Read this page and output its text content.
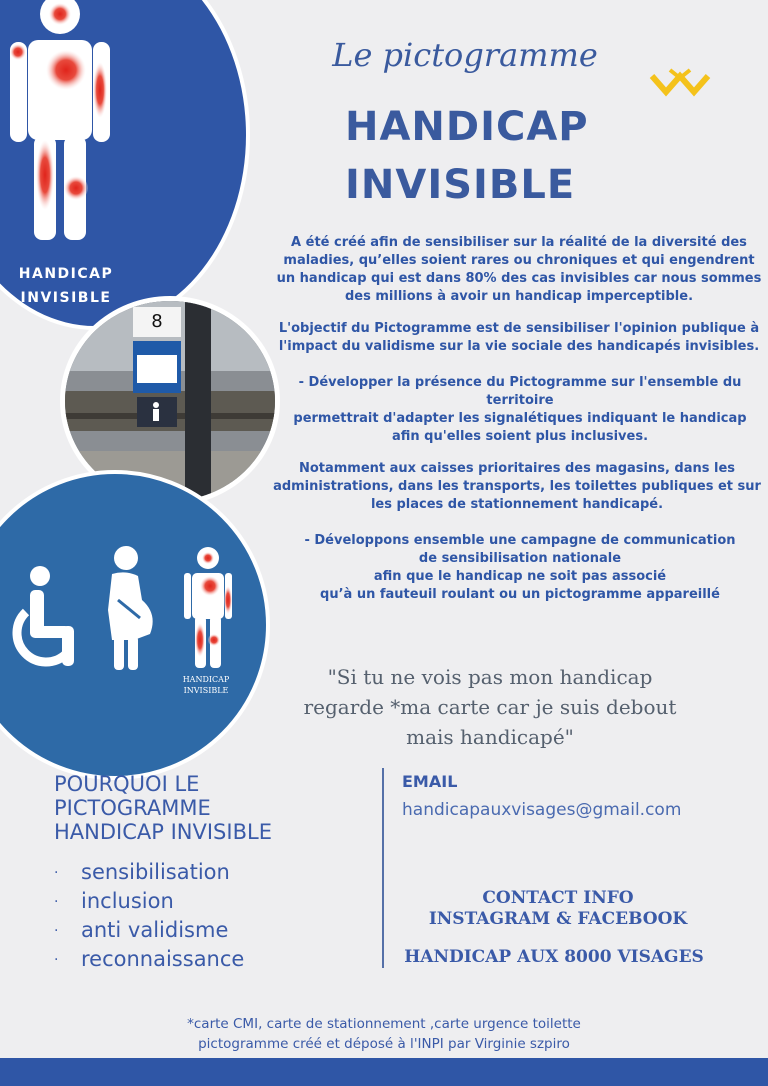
HANDICAP
INVISIBLE
8
HANDICAP
INVISIBLE
Le pictogramme
HANDICAP
INVISIBLE
A été créé afin de sensibiliser sur la réalité de la diversité des maladies, qu’elles soient rares ou chroniques et qui engendrent un handicap qui est dans 80% des cas invisibles car nous sommes des millions à avoir un handicap imperceptible.
L'objectif du Pictogramme est de sensibiliser l'opinion publique à l'impact du validisme sur la vie sociale des handicapés invisibles.
- Développer la présence du Pictogramme sur l'ensemble du territoire
permettrait d'adapter les signalétiques indiquant le handicap afin qu'elles soient plus inclusives.
Notamment aux caisses prioritaires des magasins, dans les administrations, dans les transports, les toilettes publiques et sur les places de stationnement handicapé.
- Développons ensemble une campagne de communication
de sensibilisation nationale
afin que le handicap ne soit pas associé
qu’à un fauteuil roulant ou un pictogramme appareillé
"Si tu ne vois pas mon handicap regarde *ma carte car je suis debout mais handicapé"
POURQUOI LE PICTOGRAMME HANDICAP INVISIBLE
· sensibilisation
· inclusion
· anti validisme
· reconnaissance
EMAIL
handicapauxvisages@gmail.com
CONTACT INFO
INSTAGRAM & FACEBOOK
HANDICAP AUX 8000 VISAGES
*carte CMI, carte de stationnement ,carte urgence toilette
pictogramme créé et déposé à l'INPI par Virginie szpiro
